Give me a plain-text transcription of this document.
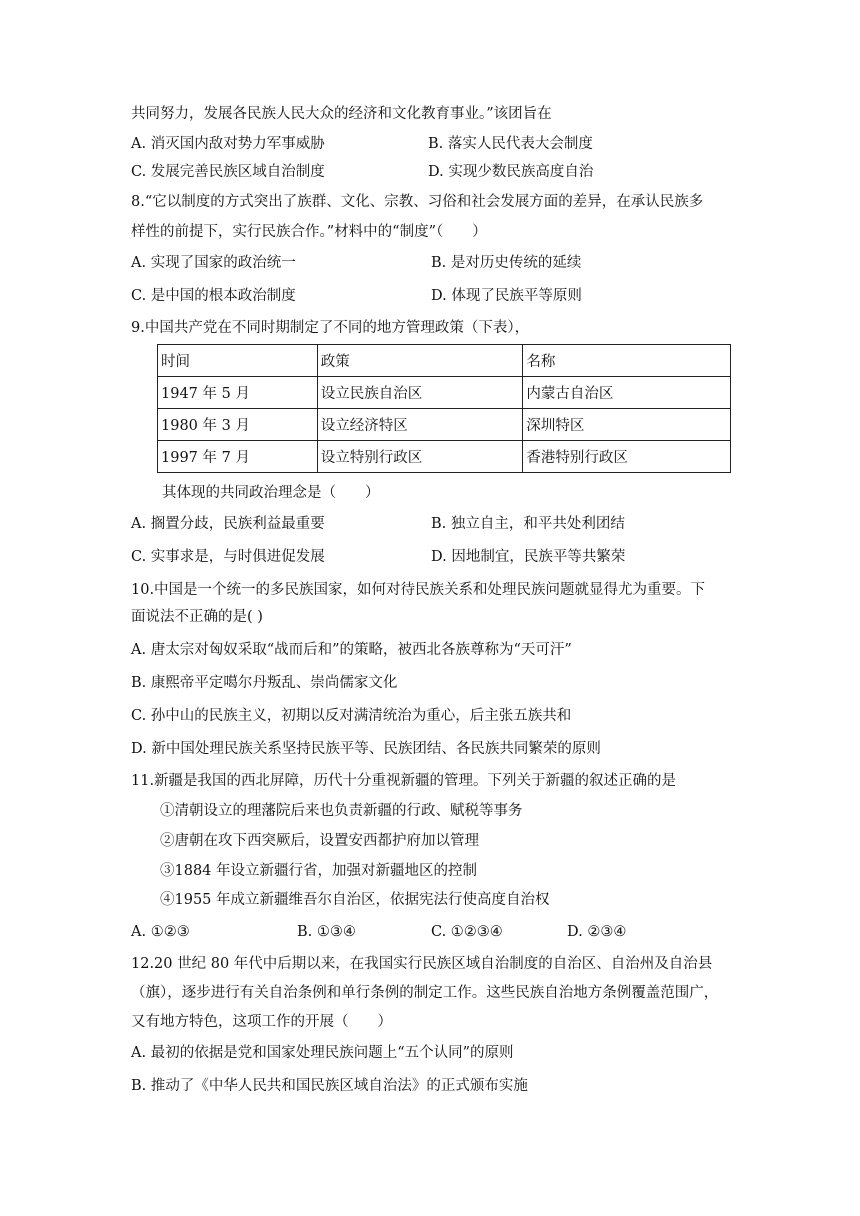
共同努力，发展各民族人民大众的经济和文化教育事业。”该团旨在
A. 消灭国内敌对势力军事威胁	B. 落实人民代表大会制度
C. 发展完善民族区域自治制度	D. 实现少数民族高度自治
8.“它以制度的方式突出了族群、文化、宗教、习俗和社会发展方面的差异，在承认民族多
样性的前提下，实行民族合作。”材料中的“制度”（　　）
A. 实现了国家的政治统一	B. 是对历史传统的延续
C. 是中国的根本政治制度	D. 体现了民族平等原则
9.中国共产党在不同时期制定了不同的地方管理政策（下表），
时间	政策	名称
1947 年 5 月	设立民族自治区	内蒙古自治区
1980 年 3 月	设立经济特区	深圳特区
1997 年 7 月	设立特别行政区	香港特别行政区
其体现的共同政治理念是（　　）
A. 搁置分歧，民族利益最重要	B. 独立自主，和平共处利团结
C. 实事求是，与时俱进促发展	D. 因地制宜，民族平等共繁荣
10.中国是一个统一的多民族国家，如何对待民族关系和处理民族问题就显得尤为重要。下
面说法不正确的是( )
A. 唐太宗对匈奴采取“战而后和”的策略，被西北各族尊称为“天可汗”
B. 康熙帝平定噶尔丹叛乱、崇尚儒家文化
C. 孙中山的民族主义，初期以反对满清统治为重心，后主张五族共和
D. 新中国处理民族关系坚持民族平等、民族团结、各民族共同繁荣的原则
11.新疆是我国的西北屏障，历代十分重视新疆的管理。下列关于新疆的叙述正确的是
①清朝设立的理藩院后来也负责新疆的行政、赋税等事务
②唐朝在攻下西突厥后，设置安西都护府加以管理
③1884 年设立新疆行省，加强对新疆地区的控制
④1955 年成立新疆维吾尔自治区，依据宪法行使高度自治权
A. ①②③	B. ①③④	C. ①②③④	D. ②③④
12.20 世纪 80 年代中后期以来，在我国实行民族区域自治制度的自治区、自治州及自治县
（旗），逐步进行有关自治条例和单行条例的制定工作。这些民族自治地方条例覆盖范围广，
又有地方特色，这项工作的开展（　　）
A. 最初的依据是党和国家处理民族问题上“五个认同”的原则
B. 推动了《中华人民共和国民族区域自治法》的正式颁布实施
